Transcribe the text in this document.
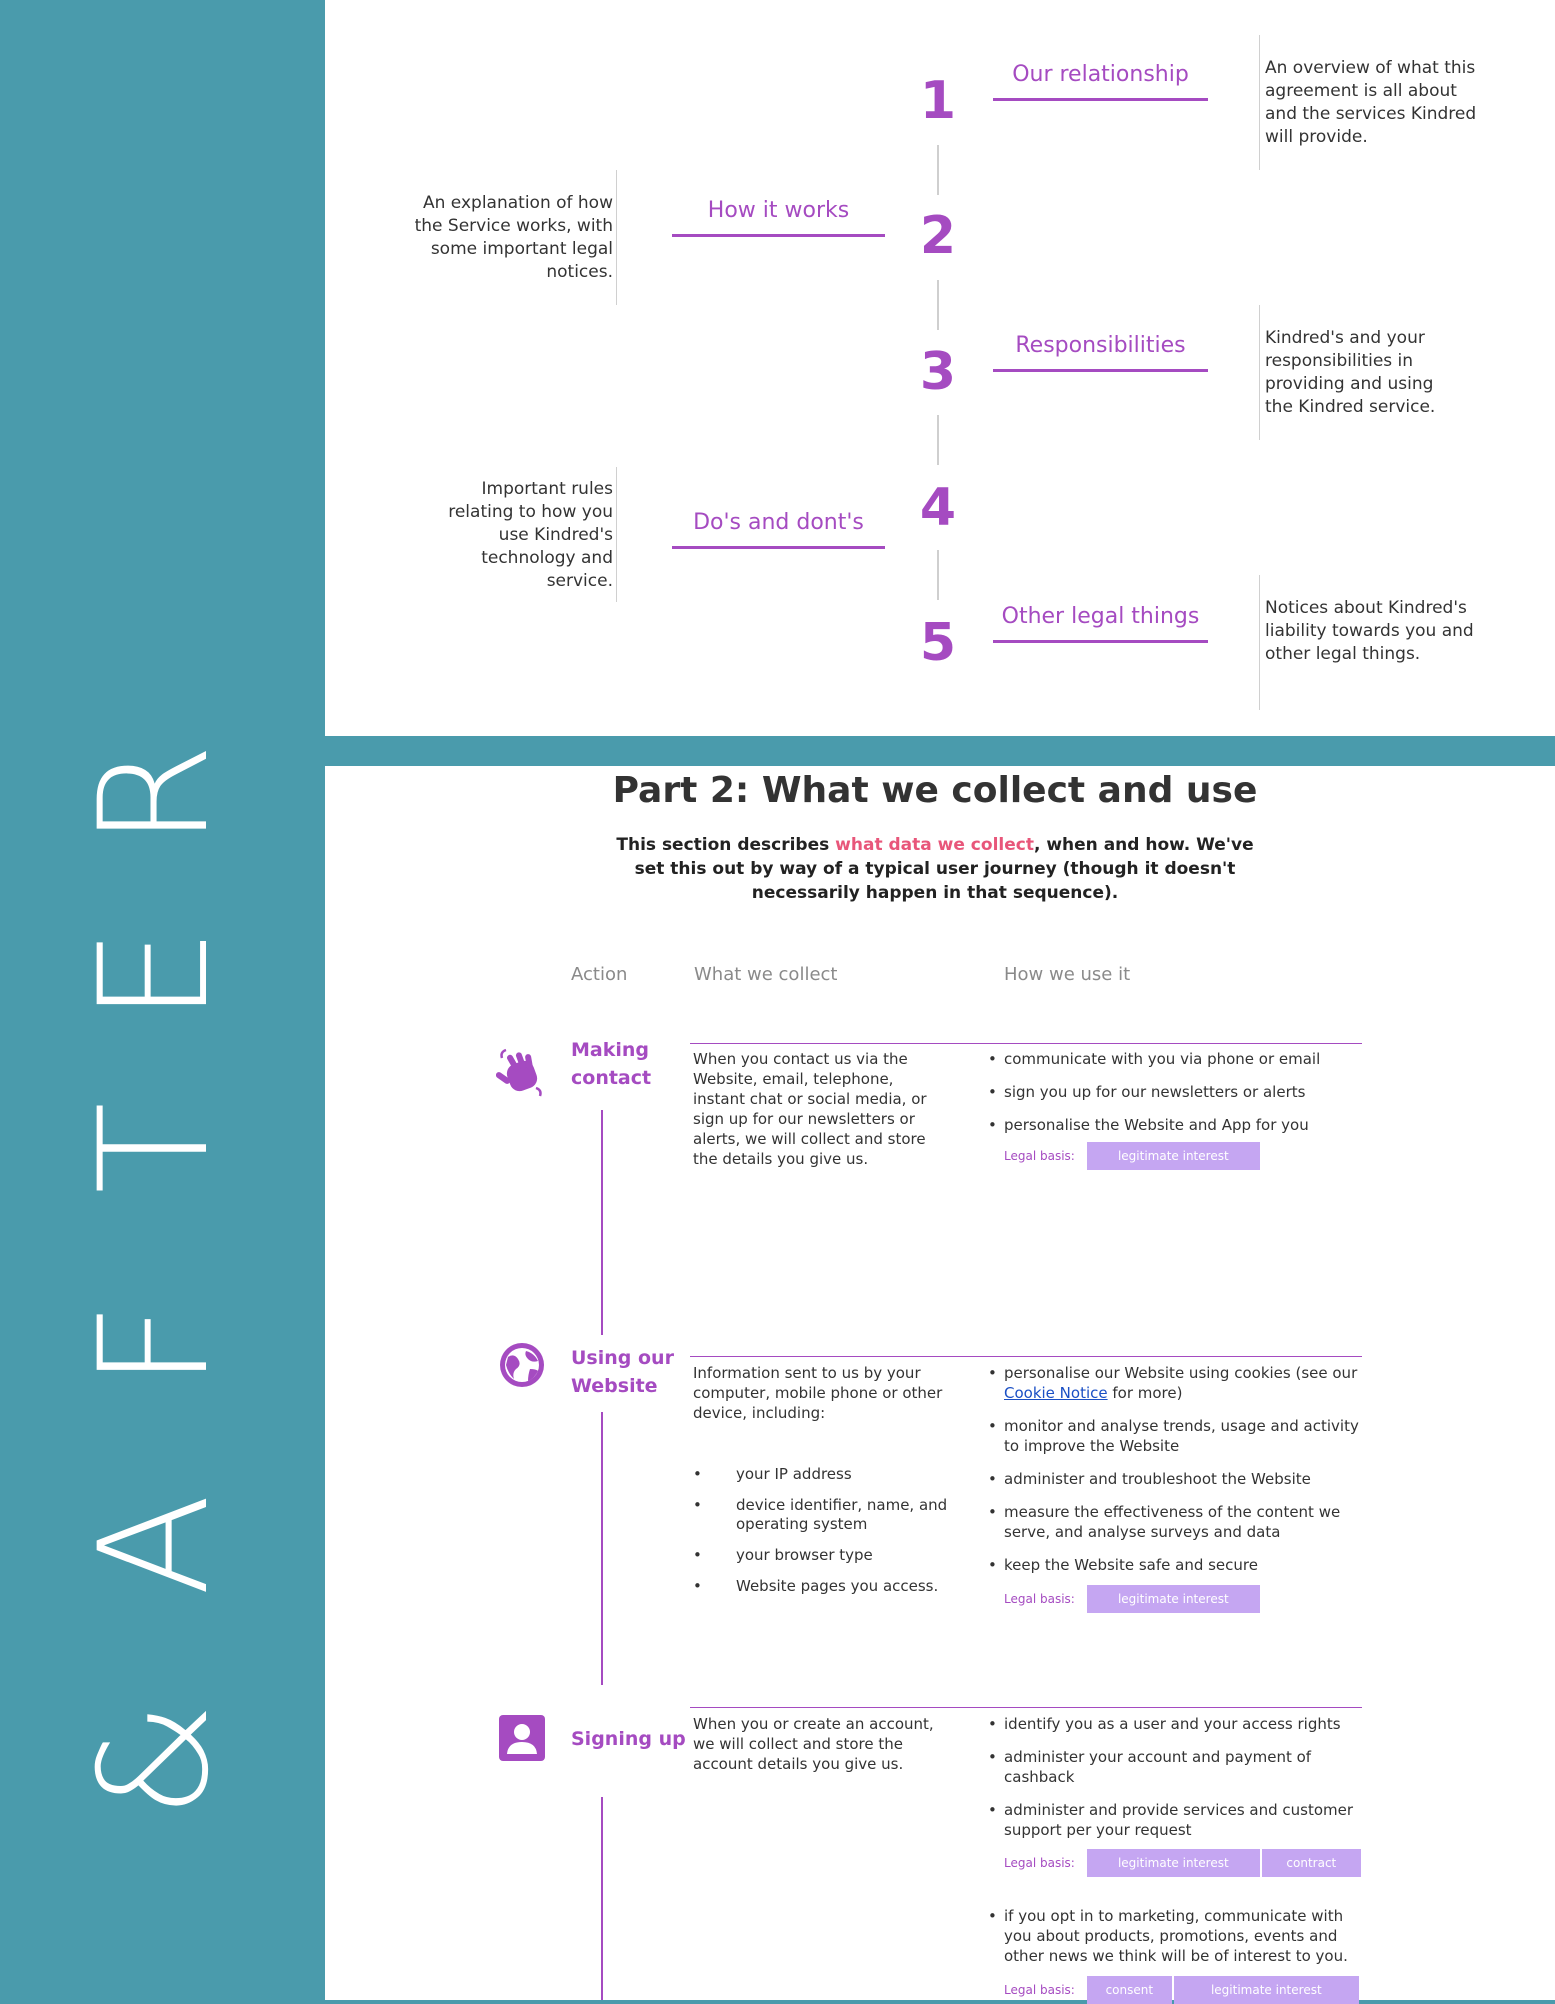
&
A
F
T
E
R
1
2
3
4
5
Our relationship
Responsibilities
Other legal things
How it works
Do's and dont's
An overview of what this agreement is all about and the services Kindred will provide.
Kindred's and your responsibilities in providing and using the Kindred service.
Notices about Kindred's liability towards you and other legal things.
An explanation of how the Service works, with some important legal notices.
Important rules relating to how you use Kindred's technology and service.
Part 2: What we collect and use
This section describes what data we collect, when and how. We've set this out by way of a typical user journey (though it doesn't necessarily happen in that sequence).
Action	What we collect	How we use it
Making contact
When you contact us via the Website, email, telephone, instant chat or social media, or sign up for our newsletters or alerts, we will collect and store the details you give us.
• communicate with you via phone or email
• sign you up for our newsletters or alerts
• personalise the Website and App for you
Legal basis:	legitimate interest
Using our Website
Information sent to us by your computer, mobile phone or other device, including:
• your IP address
• device identifier, name, and operating system
• your browser type
• Website pages you access.
• personalise our Website using cookies (see our Cookie Notice for more)
• monitor and analyse trends, usage and activity to improve the Website
• administer and troubleshoot the Website
• measure the effectiveness of the content we serve, and analyse surveys and data
• keep the Website safe and secure
Legal basis:	legitimate interest
Signing up
When you or create an account, we will collect and store the account details you give us.
• identify you as a user and your access rights
• administer your account and payment of cashback
• administer and provide services and customer support per your request
Legal basis:	legitimate interest	contract
• if you opt in to marketing, communicate with you about products, promotions, events and other news we think will be of interest to you.
Legal basis:	consent	legitimate interest
